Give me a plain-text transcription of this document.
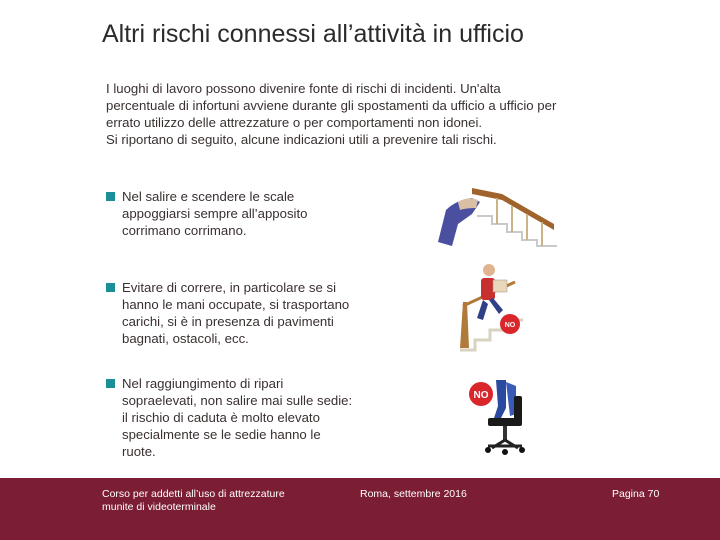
Altri rischi connessi all’attività in ufficio
I luoghi di lavoro possono divenire fonte di rischi di incidenti. Un'alta
percentuale di infortuni avviene durante gli spostamenti da ufficio a ufficio per
errato utilizzo delle attrezzature o per comportamenti non idonei.
Si riportano di seguito, alcune indicazioni utili a prevenire tali rischi.
Nel salire e scendere le scale
appoggiarsi sempre all’apposito
corrimano corrimano.
Evitare di correre, in particolare se si
hanno le mani occupate, si trasportano
carichi, si è in presenza di pavimenti
bagnati, ostacoli, ecc.
Nel raggiungimento di ripari
sopraelevati, non salire mai sulle sedie:
il rischio di caduta è molto elevato
specialmente se le sedie hanno le
ruote.
NO
NO
Corso per addetti all’uso di attrezzature
munite di videoterminale
Roma, settembre 2016	Pagina 70
